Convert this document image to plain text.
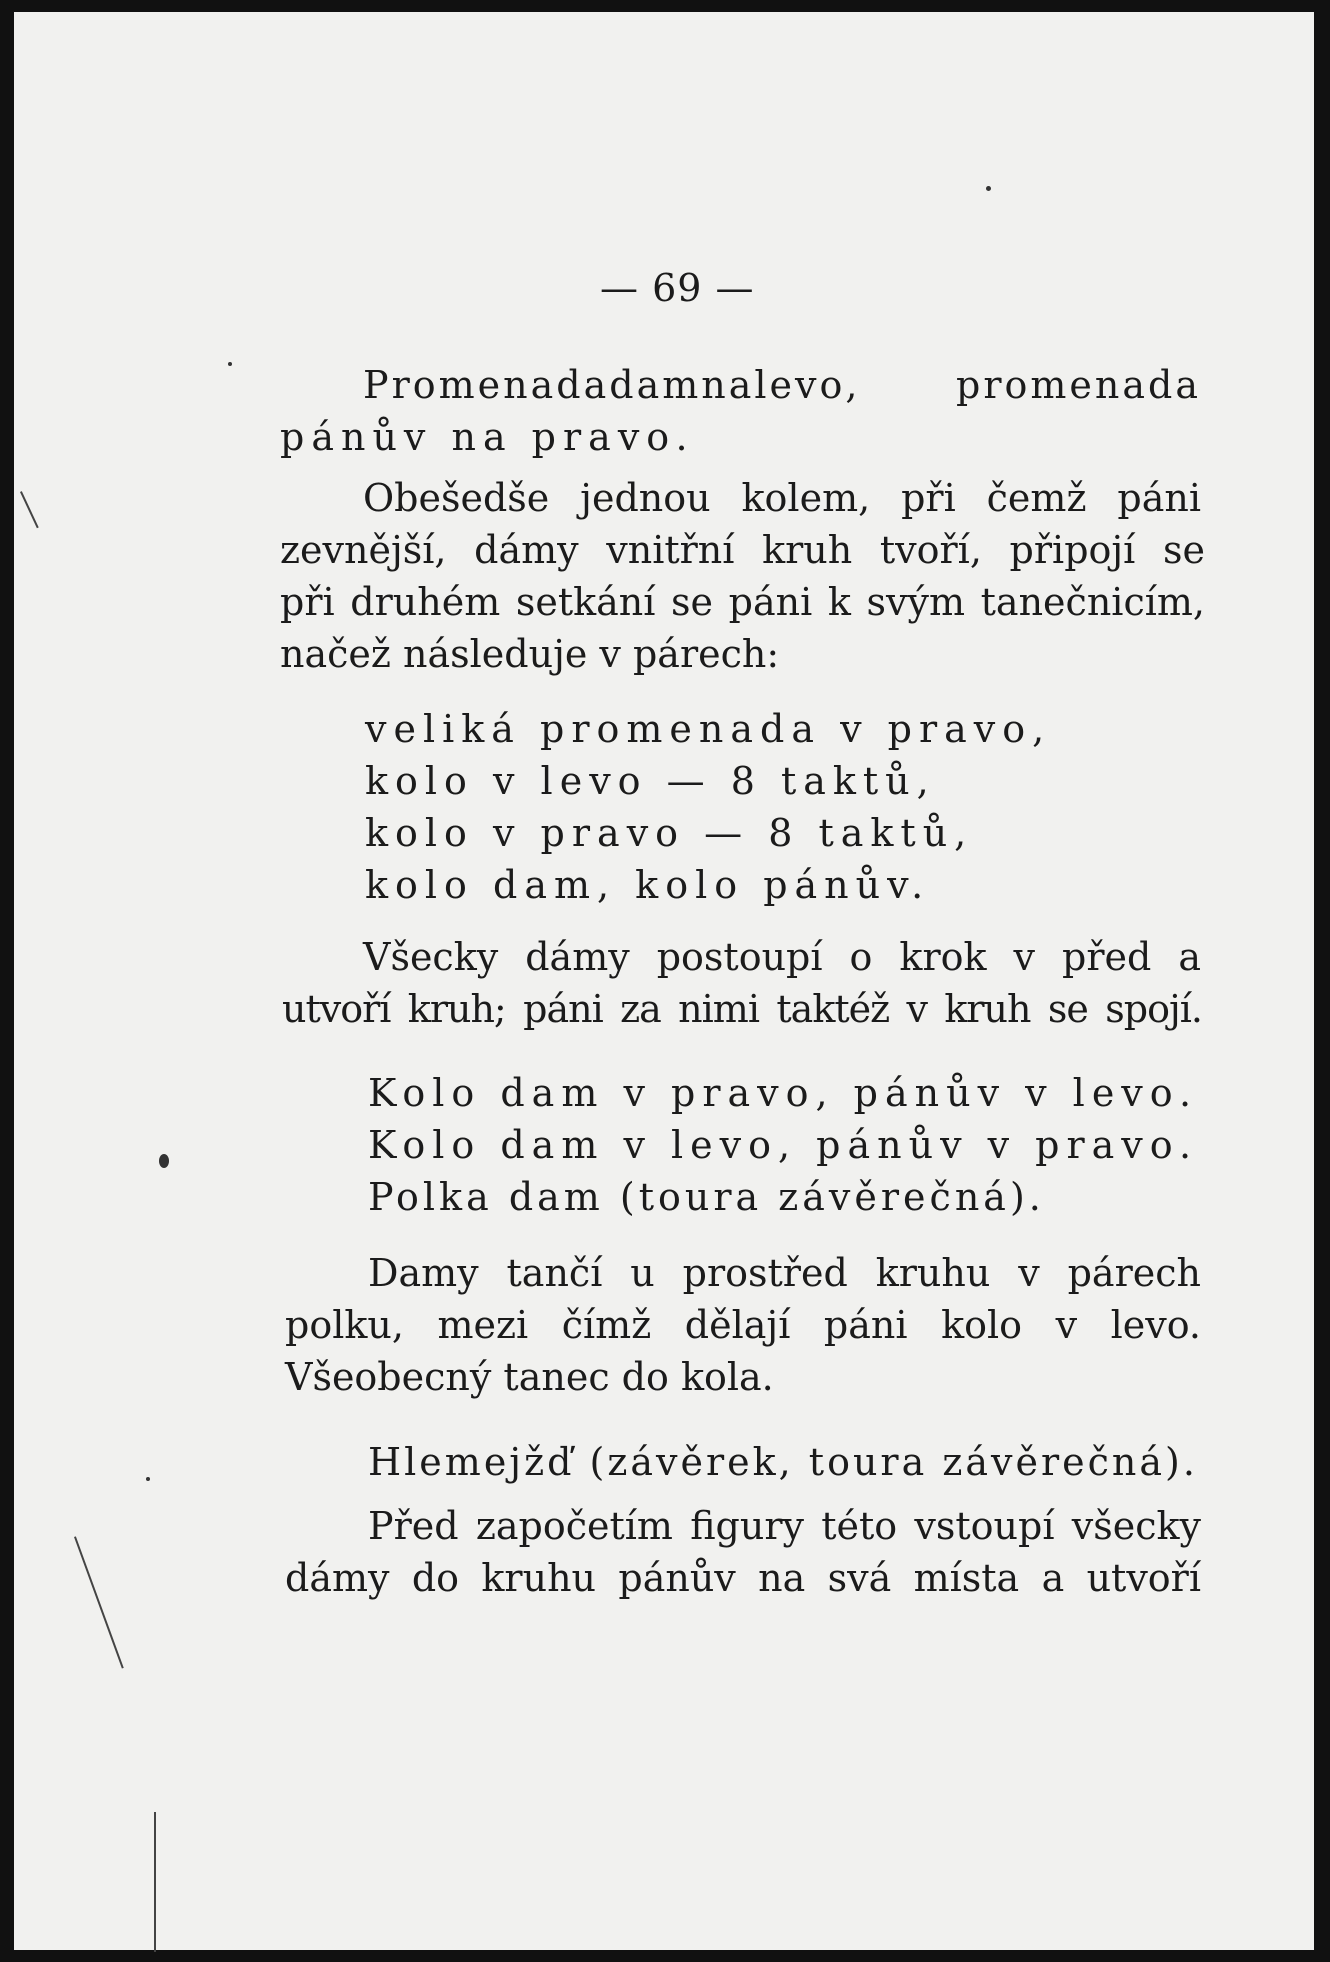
— 69 —
Promenadadamnalevo, promenada
pánův na pravo.
Obešedše jednou kolem, při čemž páni
zevnější, dámy vnitřní kruh tvoří, připojí se
při druhém setkání se páni k svým tanečnicím,
načež následuje v párech:
veliká promenada v pravo,
kolo v levo — 8 taktů,
kolo v pravo — 8 taktů,
kolo dam, kolo pánův.
Všecky dámy postoupí o krok v před a
utvoří kruh; páni za nimi taktéž v kruh se spojí.
Kolo dam v pravo, pánův v levo.
Kolo dam v levo, pánův v pravo.
Polka dam (toura závěrečná).
Damy tančí u prostřed kruhu v párech
polku, mezi čímž dělají páni kolo v levo.
Všeobecný tanec do kola.
Hlemejžď (závěrek, toura závěrečná).
Před započetím figury této vstoupí všecky
dámy do kruhu pánův na svá místa a utvoří
